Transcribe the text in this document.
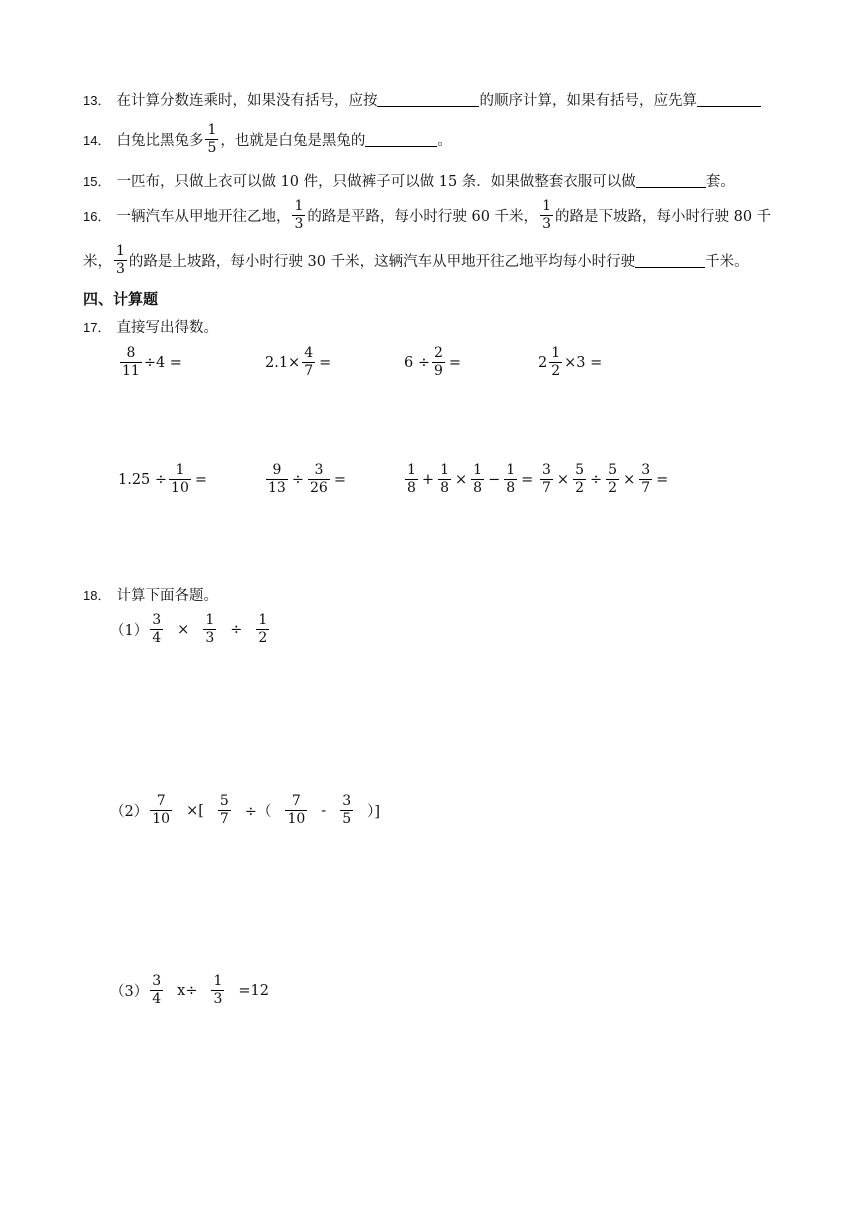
13． 在计算分数连乘时，如果没有括号，应按	的顺序计算，如果有括号，应先算
14． 白兔比黑兔多 $\frac{1}{5}$ ，也就是白兔是黑兔的	。
15． 一匹布，只做上衣可以做 10 件，只做裤子可以做 15 条．如果做整套衣服可以做	套。
16． 一辆汽车从甲地开往乙地， $\frac{1}{3}$ 的路是平路，每小时行驶 60 千米， $\frac{1}{3}$ 的路是下坡路，每小时行驶 80 千
米， $\frac{1}{3}$ 的路是上坡路，每小时行驶 30 千米，这辆汽车从甲地开往乙地平均每小时行驶	千米。
四、计算题
17． 直接写出得数。
$\frac{8}{11} \div 4$ =	$2.1\times \frac{4}{7}$ =	$6 \div \frac{2}{9}$ =	$2 \frac{1}{2} \times 3$ =
$1.25 \div \frac{1}{10}$ =	$\frac{9}{13} \div \frac{3}{26}$ =	$\frac{1}{8} + \frac{1}{8} \times \frac{1}{8} - \frac{1}{8} = \frac{3}{7} \times \frac{5}{2} \div \frac{5}{2} \times \frac{3}{7}$ =
18． 计算下面各题。
$(1) \frac{3}{4} \times \frac{1}{3} \div \frac{1}{2}$
$(2) \frac{7}{10}$ ×[ $\frac{5}{7}$ ÷（ $\frac{7}{10} - \frac{3}{5}$ ）]
$(3) \frac{3}{4} x\div \frac{1}{3} =12$
